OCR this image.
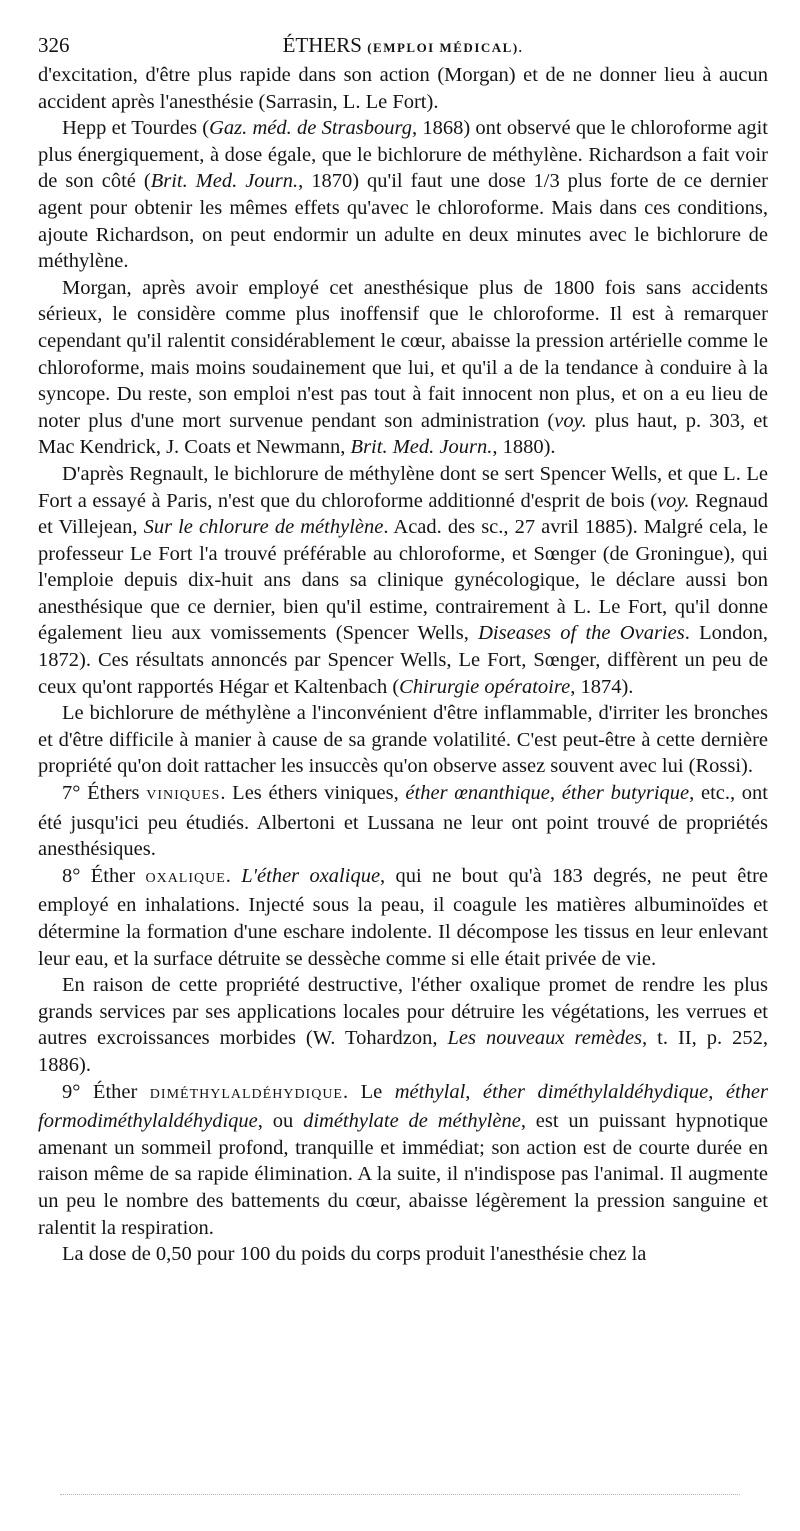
326	ÉTHERS (EMPLOI MÉDICAL).

d'excitation, d'être plus rapide dans son action (Morgan) et de ne donner lieu à aucun accident après l'anesthésie (Sarrasin, L. Le Fort).

Hepp et Tourdes (Gaz. méd. de Strasbourg, 1868) ont observé que le chloroforme agit plus énergiquement, à dose égale, que le bichlorure de méthylène. Richardson a fait voir de son côté (Brit. Med. Journ., 1870) qu'il faut une dose 1/3 plus forte de ce dernier agent pour obtenir les mêmes effets qu'avec le chloroforme. Mais dans ces conditions, ajoute Richardson, on peut endormir un adulte en deux minutes avec le bichlorure de méthylène.

Morgan, après avoir employé cet anesthésique plus de 1800 fois sans accidents sérieux, le considère comme plus inoffensif que le chloroforme. Il est à remarquer cependant qu'il ralentit considérablement le cœur, abaisse la pression artérielle comme le chloroforme, mais moins soudainement que lui, et qu'il a de la tendance à conduire à la syncope. Du reste, son emploi n'est pas tout à fait innocent non plus, et on a eu lieu de noter plus d'une mort survenue pendant son administration (voy. plus haut, p. 303, et Mac Kendrick, J. Coats et Newmann, Brit. Med. Journ., 1880).

D'après Regnault, le bichlorure de méthylène dont se sert Spencer Wells, et que L. Le Fort a essayé à Paris, n'est que du chloroforme additionné d'esprit de bois (voy. Regnaud et Villejean, Sur le chlorure de méthylène. Acad. des sc., 27 avril 1885). Malgré cela, le professeur Le Fort l'a trouvé préférable au chloroforme, et Sœnger (de Groningue), qui l'emploie depuis dix-huit ans dans sa clinique gynécologique, le déclare aussi bon anesthésique que ce dernier, bien qu'il estime, contrairement à L. Le Fort, qu'il donne également lieu aux vomissements (Spencer Wells, Diseases of the Ovaries. London, 1872). Ces résultats annoncés par Spencer Wells, Le Fort, Sœnger, diffèrent un peu de ceux qu'ont rapportés Hégar et Kaltenbach (Chirurgie opératoire, 1874).

Le bichlorure de méthylène a l'inconvénient d'être inflammable, d'irriter les bronches et d'être difficile à manier à cause de sa grande volatilité. C'est peut-être à cette dernière propriété qu'on doit rattacher les insuccès qu'on observe assez souvent avec lui (Rossi).

7° Éthers VINIQUES. Les éthers viniques, éther œnanthique, éther butyrique, etc., ont été jusqu'ici peu étudiés. Albertoni et Lussana ne leur ont point trouvé de propriétés anesthésiques.

8° Éther OXALIQUE. L'éther oxalique, qui ne bout qu'à 183 degrés, ne peut être employé en inhalations. Injecté sous la peau, il coagule les matières albuminoïdes et détermine la formation d'une eschare indolente. Il décompose les tissus en leur enlevant leur eau, et la surface détruite se dessèche comme si elle était privée de vie.

En raison de cette propriété destructive, l'éther oxalique promet de rendre les plus grands services par ses applications locales pour détruire les végétations, les verrues et autres excroissances morbides (W. Tohardzon, Les nouveaux remèdes, t. II, p. 252, 1886).

9° Éther DIMÉTHYLALDÉHYDIQUE. Le méthylal, éther diméthylaldéhydique, éther formodiméthylaldéhydique, ou diméthylate de méthylène, est un puissant hypnotique amenant un sommeil profond, tranquille et immédiat; son action est de courte durée en raison même de sa rapide élimination. A la suite, il n'indispose pas l'animal. Il augmente un peu le nombre des battements du cœur, abaisse légèrement la pression sanguine et ralentit la respiration.

La dose de 0,50 pour 100 du poids du corps produit l'anesthésie chez la
